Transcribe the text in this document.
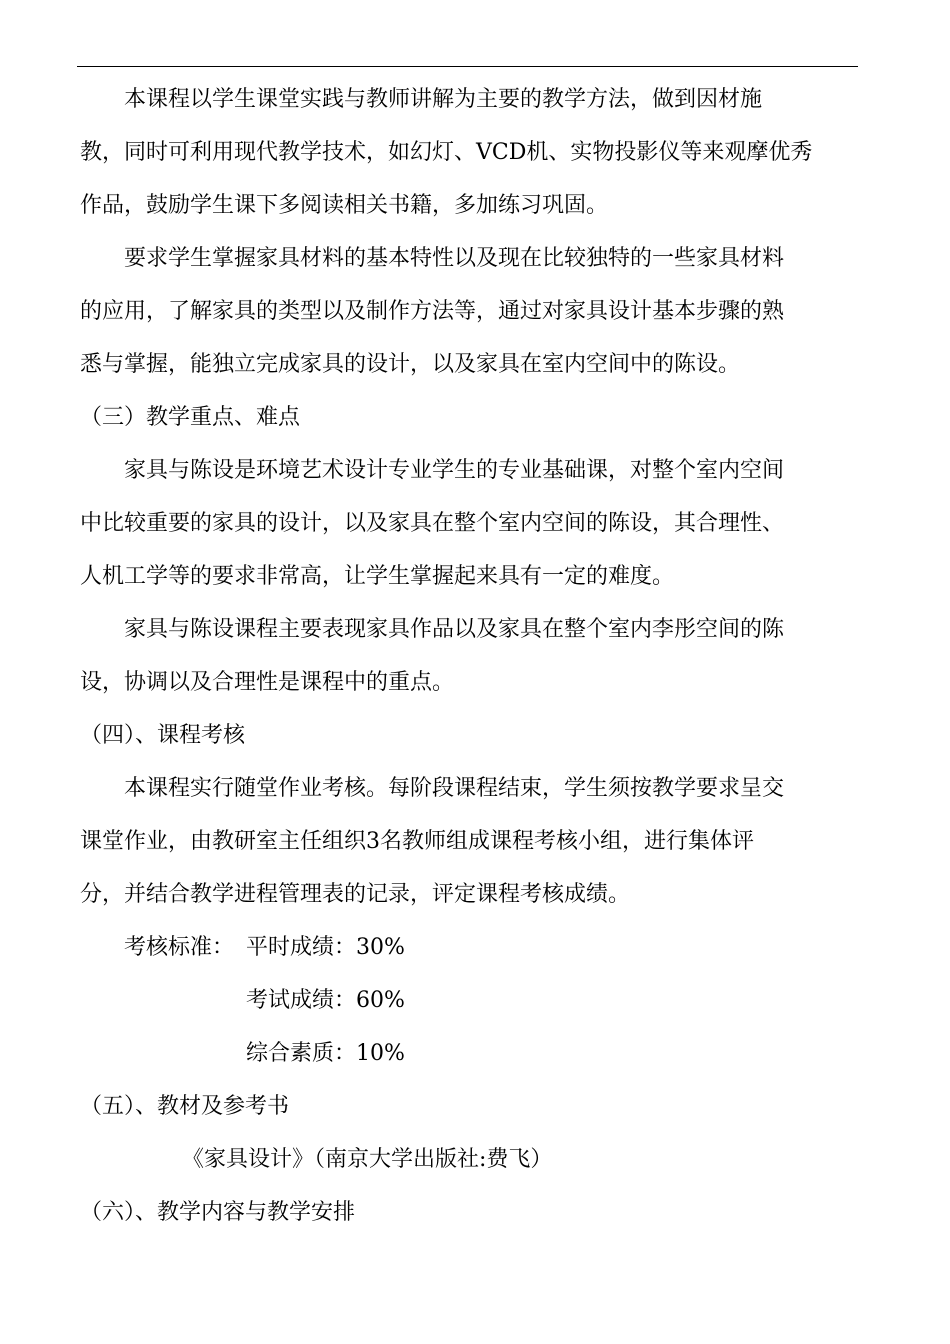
本课程以学生课堂实践与教师讲解为主要的教学方法，做到因材施
教，同时可利用现代教学技术，如幻灯、VCD机、实物投影仪等来观摩优秀
作品，鼓励学生课下多阅读相关书籍，多加练习巩固。
要求学生掌握家具材料的基本特性以及现在比较独特的一些家具材料
的应用，了解家具的类型以及制作方法等，通过对家具设计基本步骤的熟
悉与掌握，能独立完成家具的设计，以及家具在室内空间中的陈设。
（三）教学重点、难点
家具与陈设是环境艺术设计专业学生的专业基础课，对整个室内空间
中比较重要的家具的设计，以及家具在整个室内空间的陈设，其合理性、
人机工学等的要求非常高，让学生掌握起来具有一定的难度。
家具与陈设课程主要表现家具作品以及家具在整个室内李彤空间的陈
设，协调以及合理性是课程中的重点。
（四）、课程考核
本课程实行随堂作业考核。每阶段课程结束，学生须按教学要求呈交
课堂作业，由教研室主任组织3名教师组成课程考核小组，进行集体评
分，并结合教学进程管理表的记录，评定课程考核成绩。
考核标准： 平时成绩：30%
考试成绩：60%
综合素质：10%
（五）、教材及参考书
《家具设计》（南京大学出版社:费飞）
（六）、教学内容与教学安排
